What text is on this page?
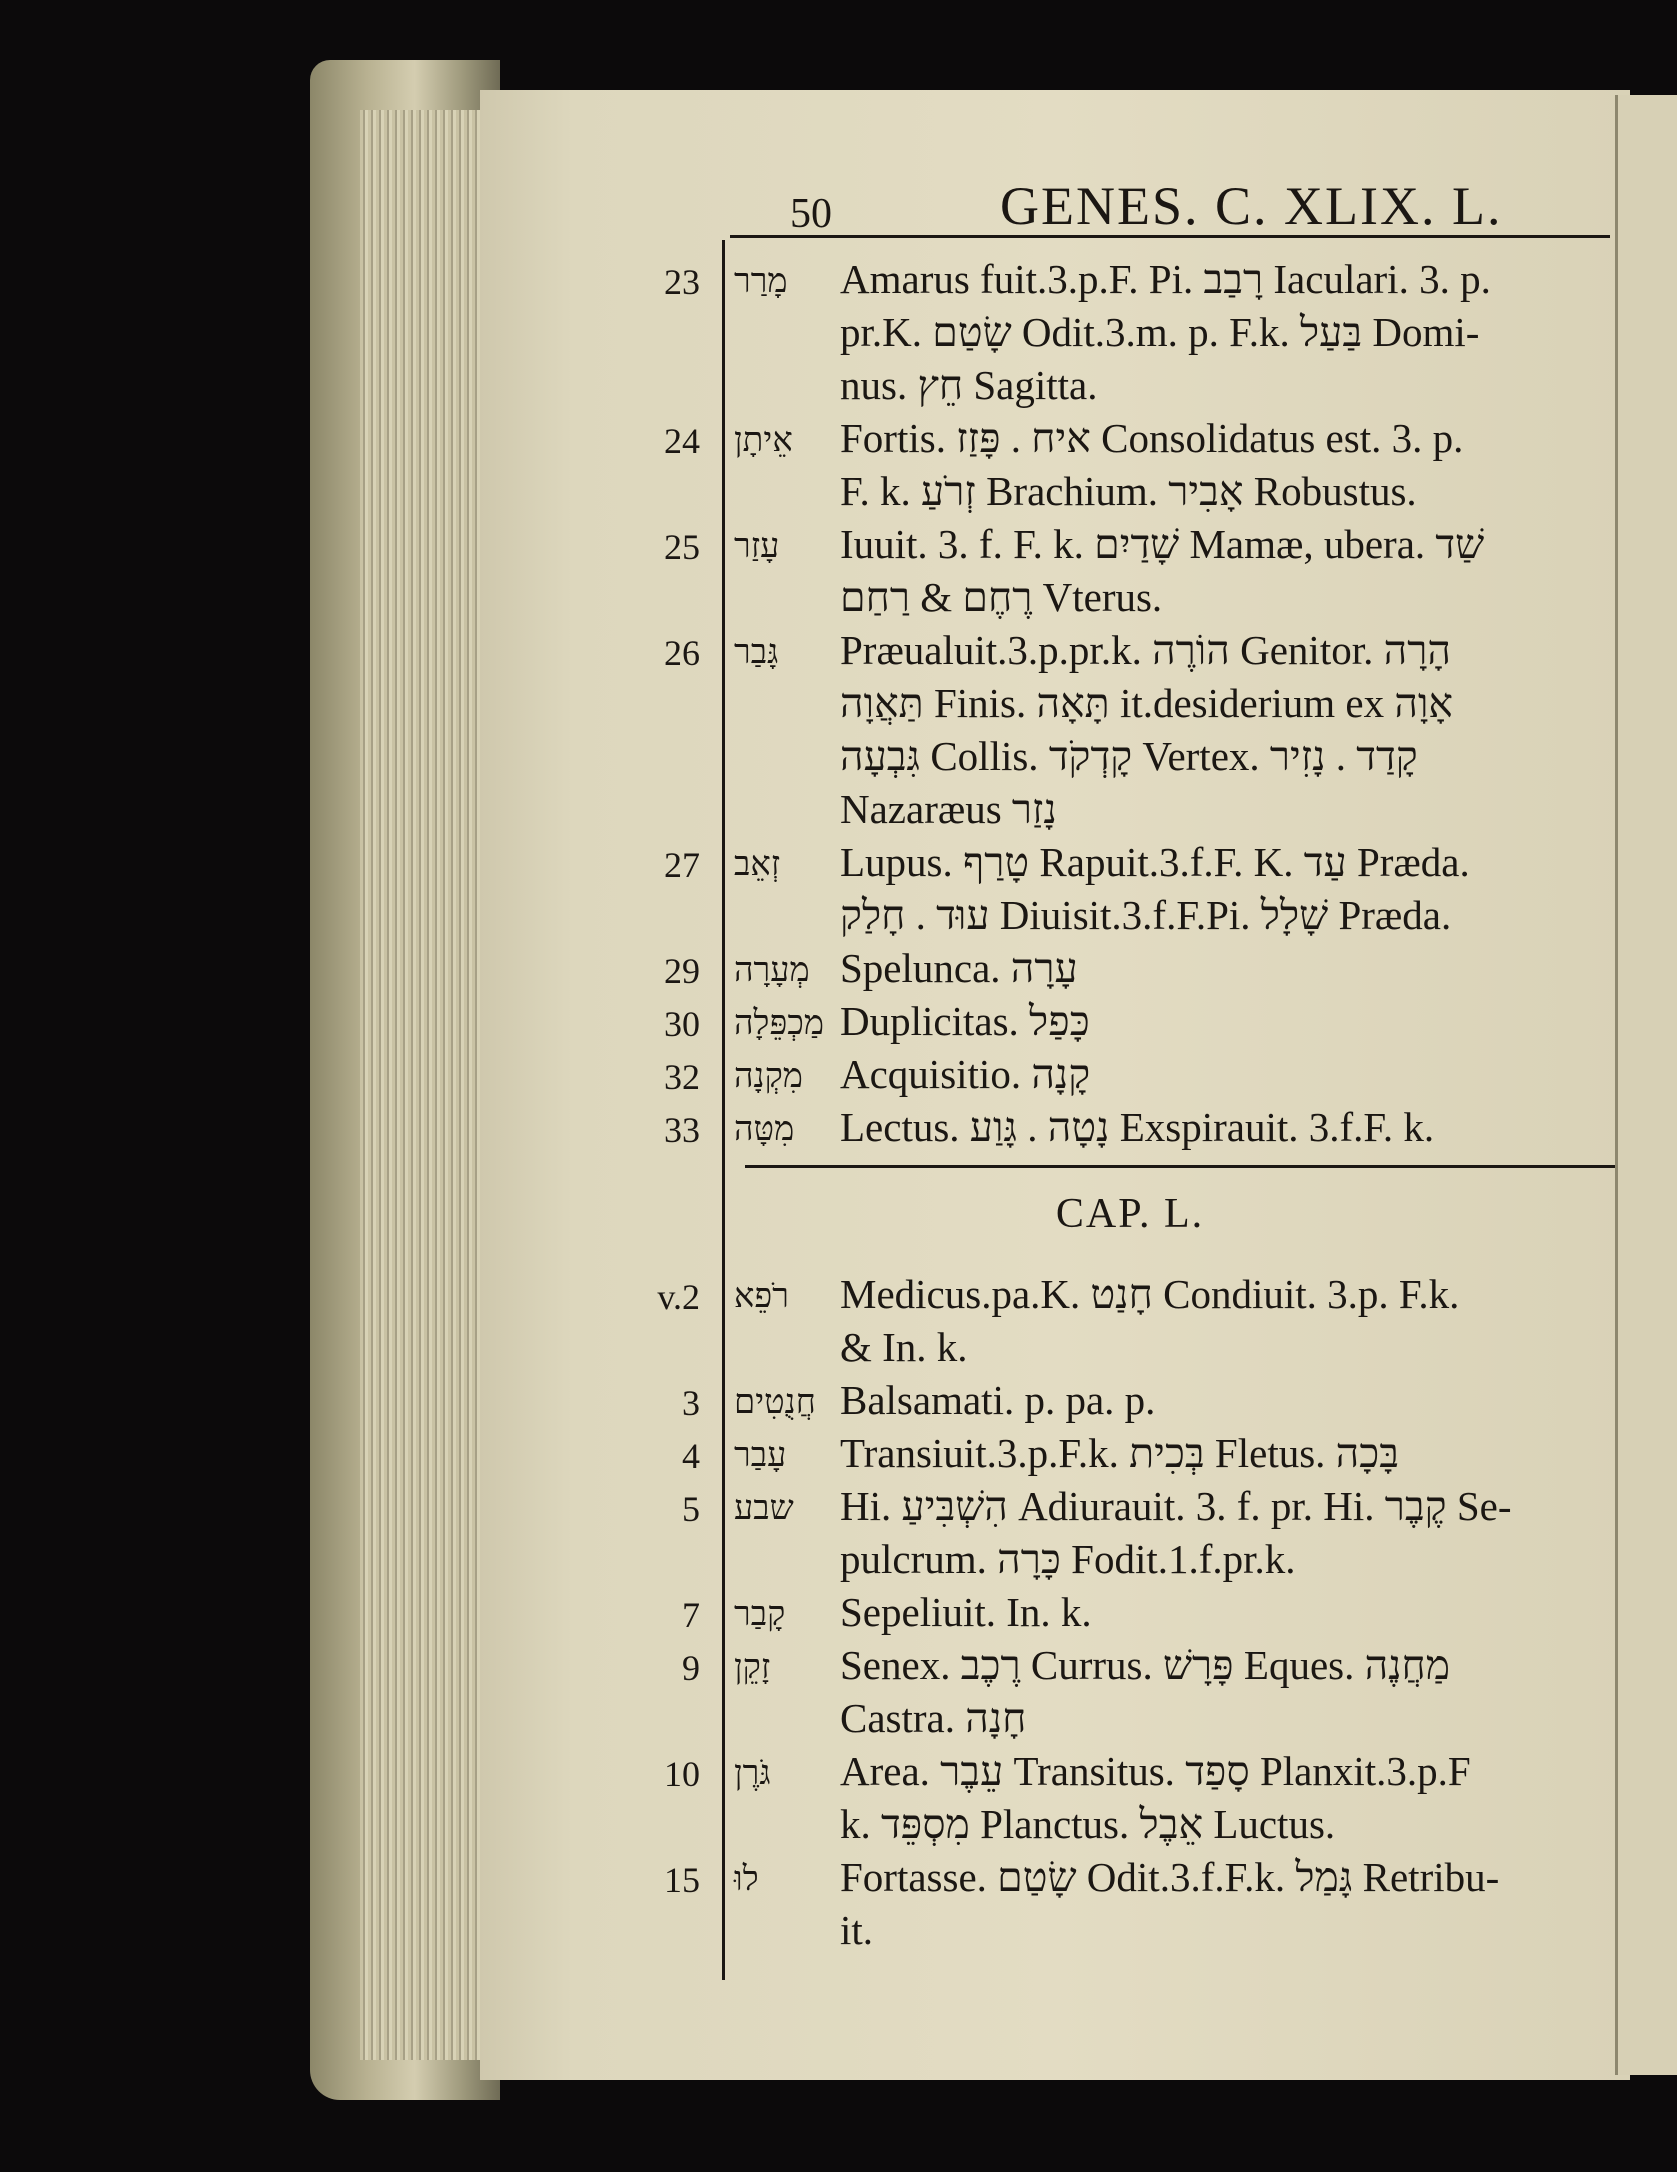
50	GENES. C. XLIX. L.
23 מָרַר	Amarus fuit.3.p.F. Pi. רָבַב Iaculari. 3. p.
pr.K. שָׂטַם Odit.3.m. p. F.k. בַּעַל Domi-
nus. חֵץ Sagitta.
24 אֵיתָן	Fortis. איח . פָּזַז Consolidatus est. 3. p.
F. k. זְרֹעַ Brachium. אָבִיר Robustus.
25 עָזַר	Iuuit. 3. f. F. k. שָׁדַיִם Mamæ, ubera. שַׁד
רֶחֶם & רַחַם Vterus.
26 גָּבַר	Præualuit.3.p.pr.k. הוֹרֶה Genitor. הָרָה
תַּאֲוָה Finis. תָּאָה it.desiderium ex אָוָה
גִּבְעָה Collis. קָדְקֹד Vertex. קָדַד . נָזִיר
Nazaræus נָזַר
27 זְאֵב	Lupus. טָרַף Rapuit.3.f.F. K. עַד Præda.
עוּד . חָלַק Diuisit.3.f.F.Pi. שָׁלָל Præda.
29 מְעָרָה Spelunca. עָרָה
30 מַכְפֵּלָה Duplicitas. כָּפַל
32 מִקְנָה Acquisitio. קָנָה
33 מִטָּה	Lectus. נָטָה . גָּוַע Exspirauit. 3.f.F. k.
CAP. L.
v.2 רֹפֵא	Medicus.pa.K. חָנַט Condiuit. 3.p. F.k.
& In. k.
3 חֲנֻטִים Balsamati. p. pa. p.
4 עָבַר	Transiuit.3.p.F.k. בְּכִית Fletus. בָּכָה
5 שבע	Hi. הִשְׁבִּיעַ Adiurauit. 3. f. pr. Hi. קֶבֶר Se-
pulcrum. כָּרָה Fodit.1.f.pr.k.
7 קָבַר	Sepeliuit. In. k.
9 זָקֵן	Senex. רֶכֶב Currus. פָּרָשׁ Eques. מַחֲנֶה
Castra. חָנָה
10 גֹּרֶן	Area. עֵבֶר Transitus. סָפַד Planxit.3.p.F
k. מִסְפֵּד Planctus. אֵבֶל Luctus.
15 לוּ	Fortasse. שָׂטַם Odit.3.f.F.k. גָּמַל Retribu-
it.
